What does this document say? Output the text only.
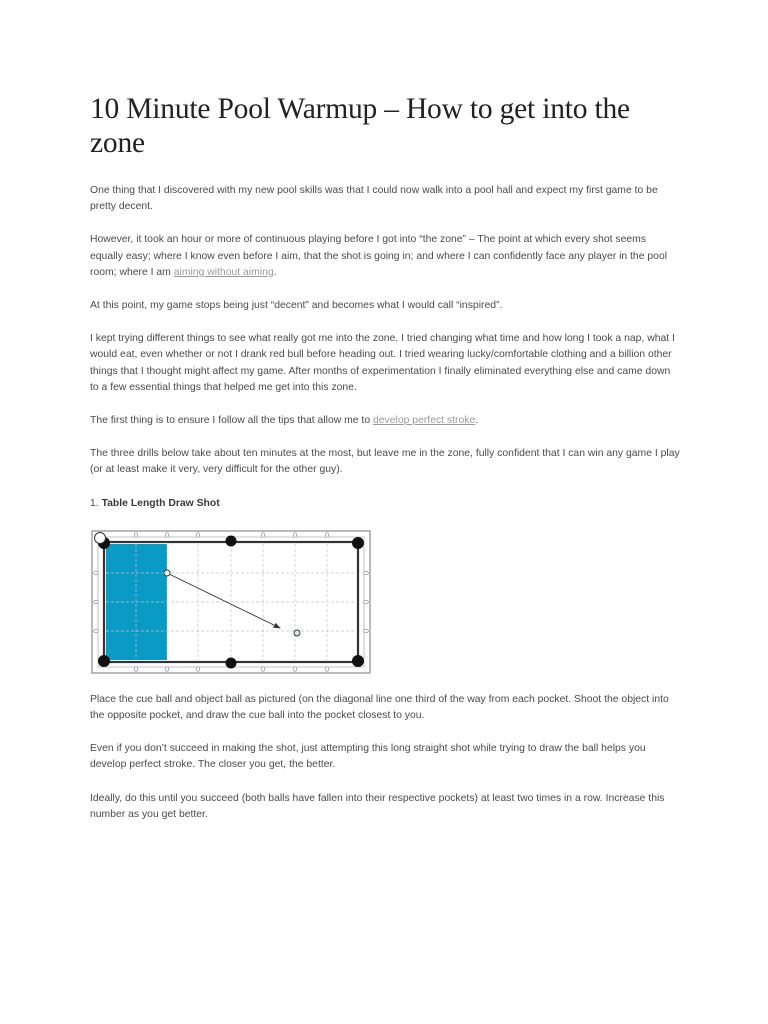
10 Minute Pool Warmup – How to get into the zone

One thing that I discovered with my new pool skills was that I could now walk into a pool hall and expect my first game to be pretty decent.

However, it took an hour or more of continuous playing before I got into “the zone” – The point at which every shot seems equally easy; where I know even before I aim, that the shot is going in; and where I can confidently face any player in the pool room; where I am aiming without aiming.

At this point, my game stops being just “decent” and becomes what I would call “inspired”.

I kept trying different things to see what really got me into the zone. I tried changing what time and how long I took a nap, what I would eat, even whether or not I drank red bull before heading out. I tried wearing lucky/comfortable clothing and a billion other things that I thought might affect my game. After months of experimentation I finally eliminated everything else and came down to a few essential things that helped me get into this zone.

The first thing is to ensure I follow all the tips that allow me to develop perfect stroke.

The three drills below take about ten minutes at the most, but leave me in the zone, fully confident that I can win any game I play (or at least make it very, very difficult for the other guy).

1. Table Length Draw Shot

Place the cue ball and object ball as pictured (on the diagonal line one third of the way from each pocket. Shoot the object into the opposite pocket, and draw the cue ball into the pocket closest to you.

Even if you don’t succeed in making the shot, just attempting this long straight shot while trying to draw the ball helps you develop perfect stroke. The closer you get, the better.

Ideally, do this until you succeed (both balls have fallen into their respective pockets) at least two times in a row. Increase this number as you get better.
